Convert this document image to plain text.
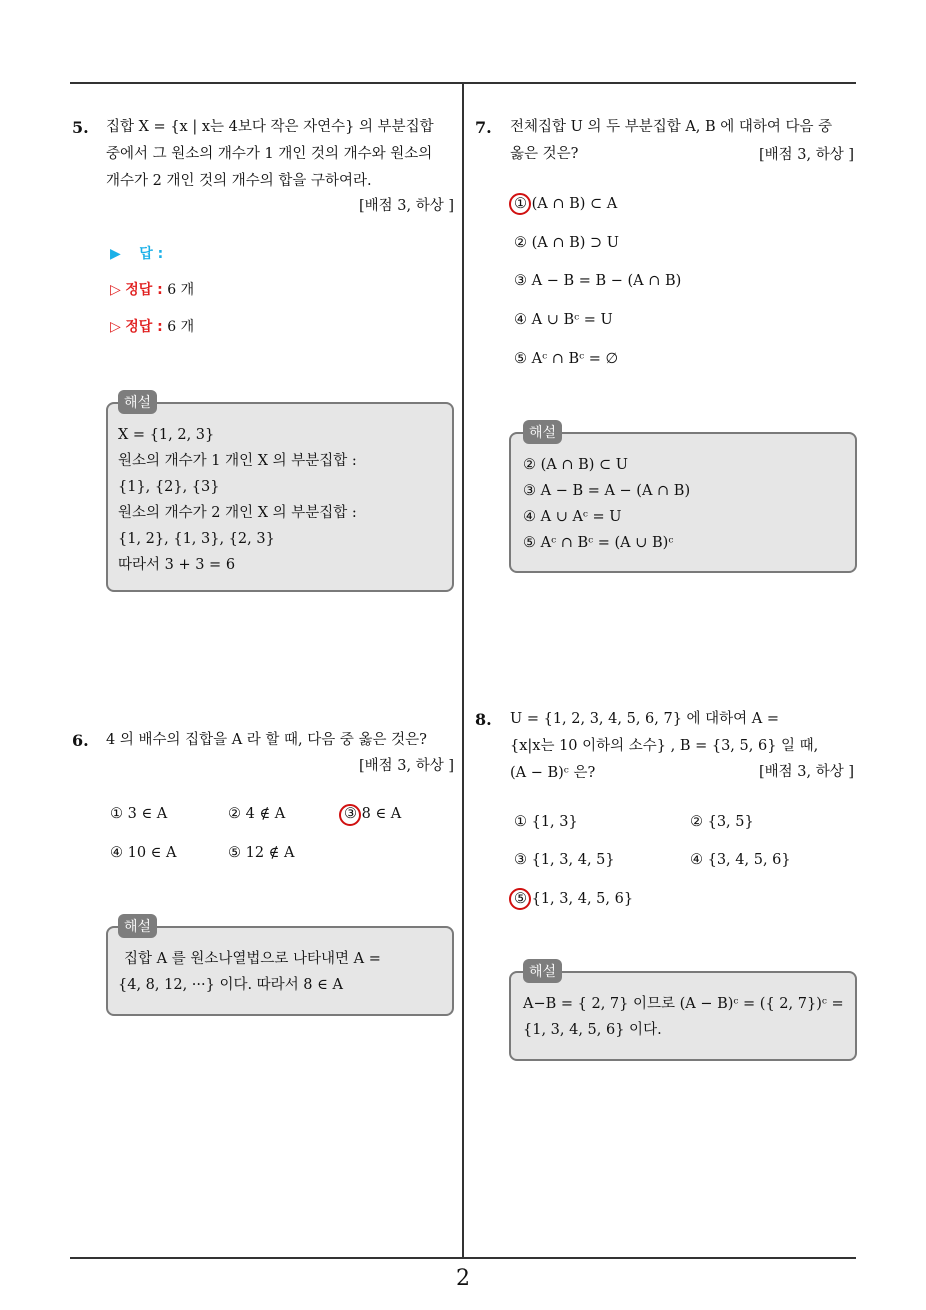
2
5. 집합 X = {x | x는 4보다 작은 자연수} 의 부분집합
중에서 그 원소의 개수가 1 개인 것의 개수와 원소의
개수가 2 개인 것의 개수의 합을 구하여라.
[배점 3, 하상 ]
▶ 답 :
▷ 정답 : 6 개
▷ 정답 : 6 개
X = {1, 2, 3}
원소의 개수가 1 개인 X 의 부분집합 :
{1}, {2}, {3}
원소의 개수가 2 개인 X 의 부분집합 :
{1, 2}, {1, 3}, {2, 3}
따라서 3 + 3 = 6
해설
6. 4 의 배수의 집합을 A 라 할 때, 다음 중 옳은 것은?
[배점 3, 하상 ]
① 3 ∈ A	② 4 ∉ A	③ 8 ∈ A
④ 10 ∈ A	⑤ 12 ∉ A
집합 A 를 원소나열법으로 나타내면 A =
{4, 8, 12, ···} 이다. 따라서 8 ∈ A
해설
7. 전체집합 U 의 두 부분집합 A, B 에 대하여 다음 중
옳은 것은?	[배점 3, 하상 ]
① (A ∩ B) ⊂ A
② (A ∩ B) ⊃ U
③ A − B = B − (A ∩ B)
④ A ∪ Bᶜ = U
⑤ Aᶜ ∩ Bᶜ = ∅
② (A ∩ B) ⊂ U
③ A − B = A − (A ∩ B)
④ A ∪ Aᶜ = U
⑤ Aᶜ ∩ Bᶜ = (A ∪ B)ᶜ
해설
8. U = {1, 2, 3, 4, 5, 6, 7} 에 대하여 A =
{x|x는 10 이하의 소수} , B = {3, 5, 6} 일 때,
(A − B)ᶜ 은?	[배점 3, 하상 ]
① {1, 3}	② {3, 5}
③ {1, 3, 4, 5}	④ {3, 4, 5, 6}
⑤ {1, 3, 4, 5, 6}
A−B = { 2, 7} 이므로 (A − B)ᶜ = ({ 2, 7})ᶜ =
{1, 3, 4, 5, 6} 이다.
해설
